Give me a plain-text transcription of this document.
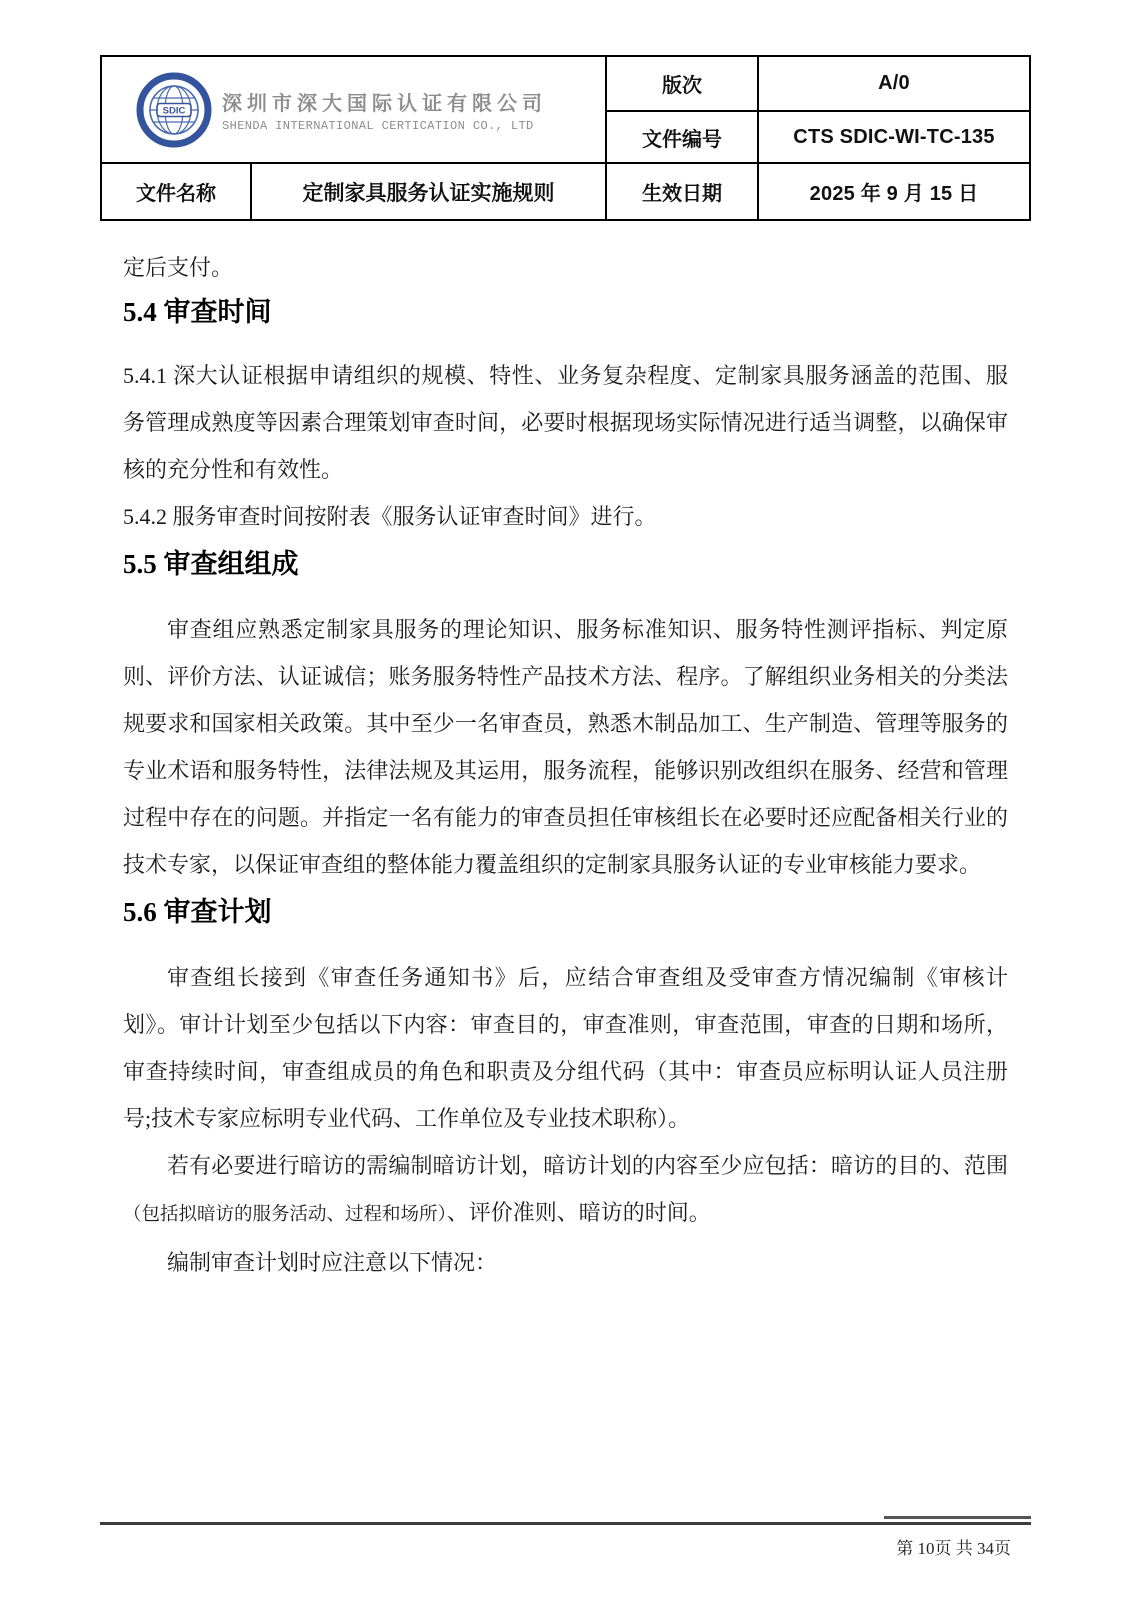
SDIC 深圳市深大国际认证有限公司
SHENDA INTERNATIONAL CERTICATION CO., LTD
版次	A/0
文件编号	CTS SDIC-WI-TC-135
文件名称	定制家具服务认证实施规则	生效日期	2025 年 9 月 15 日

定后支付。

5.4 审查时间

5.4.1 深大认证根据申请组织的规模、特性、业务复杂程度、定制家具服务涵盖的范围、服务管理成熟度等因素合理策划审查时间，必要时根据现场实际情况进行适当调整，以确保审核的充分性和有效性。

5.4.2 服务审查时间按附表《服务认证审查时间》进行。

5.5 审查组组成

审查组应熟悉定制家具服务的理论知识、服务标准知识、服务特性测评指标、判定原则、评价方法、认证诚信；账务服务特性产品技术方法、程序。了解组织业务相关的分类法规要求和国家相关政策。其中至少一名审查员，熟悉木制品加工、生产制造、管理等服务的专业术语和服务特性，法律法规及其运用，服务流程，能够识别改组织在服务、经营和管理过程中存在的问题。并指定一名有能力的审查员担任审核组长在必要时还应配备相关行业的技术专家，以保证审查组的整体能力覆盖组织的定制家具服务认证的专业审核能力要求。

5.6 审查计划

审查组长接到《审查任务通知书》后，应结合审查组及受审查方情况编制《审核计划》。审计计划至少包括以下内容：审查目的，审查准则，审查范围，审查的日期和场所，审查持续时间，审查组成员的角色和职责及分组代码（其中：审查员应标明认证人员注册号;技术专家应标明专业代码、工作单位及专业技术职称）。

若有必要进行暗访的需编制暗访计划，暗访计划的内容至少应包括：暗访的目的、范围（包括拟暗访的服务活动、过程和场所）、评价准则、暗访的时间。

编制审查计划时应注意以下情况：

第 10页 共 34页
